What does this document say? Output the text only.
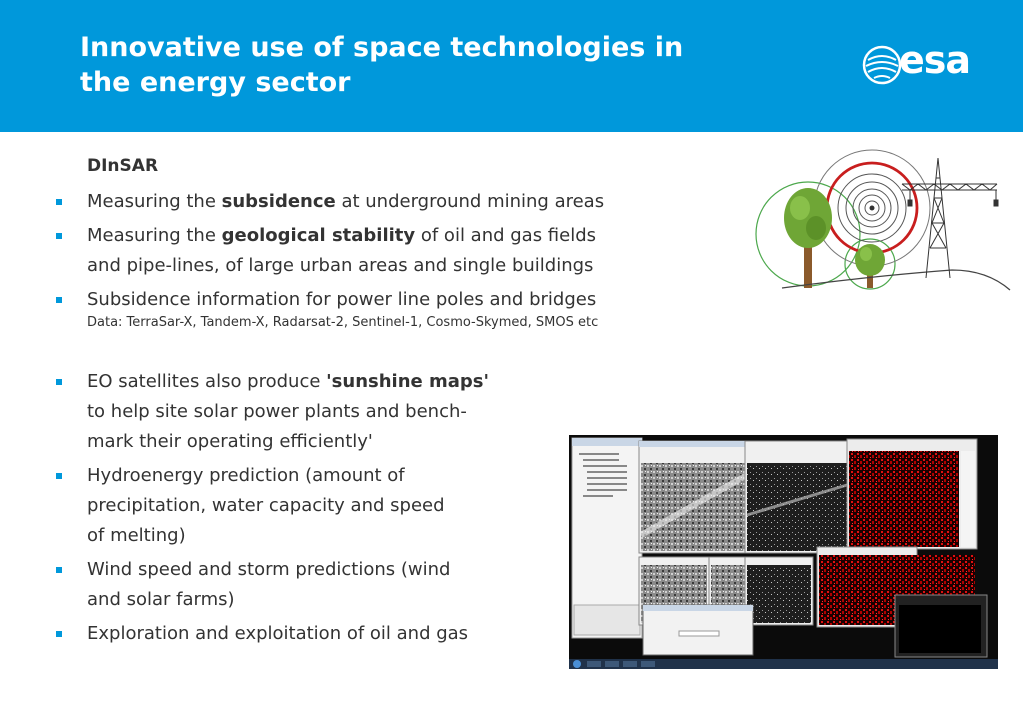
Innovative use of space technologies in
the energy sector
esa
DInSAR
Measuring the subsidence at underground mining areas
Measuring the geological stability of oil and gas fields
and pipe-lines, of large urban areas and single buildings
Subsidence information for power line poles and bridges
Data: TerraSar-X, Tandem-X, Radarsat-2, Sentinel-1, Cosmo-Skymed, SMOS etc
EO satellites also produce 'sunshine maps'
to help site solar power plants and bench-
mark their operating efficiently'
Hydroenergy prediction (amount of
precipitation, water capacity and speed
of melting)
Wind speed and storm predictions (wind
and solar farms)
Exploration and exploitation of oil and gas
